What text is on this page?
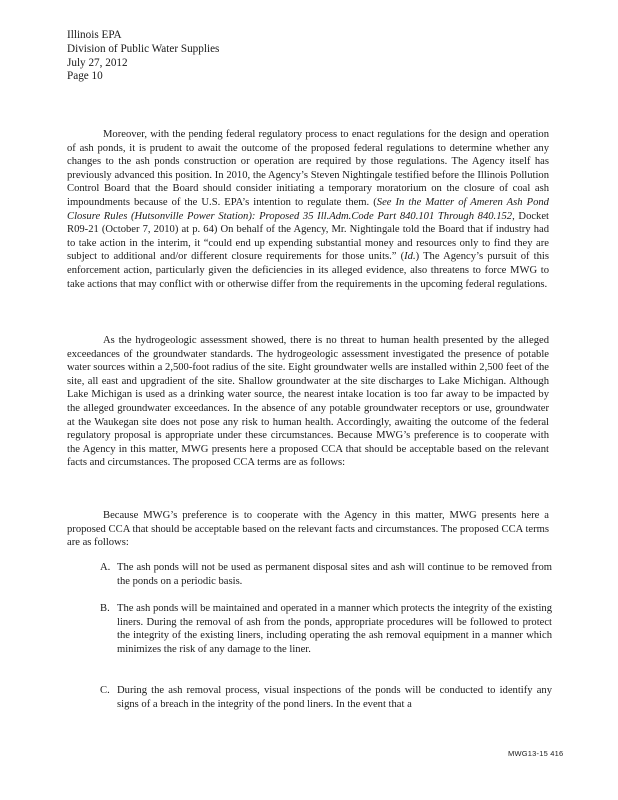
Illinois EPA
Division of Public Water Supplies
July 27, 2012
Page 10

Moreover, with the pending federal regulatory process to enact regulations for the design and operation of ash ponds, it is prudent to await the outcome of the proposed federal regulations to determine whether any changes to the ash ponds construction or operation are required by those regulations. The Agency itself has previously advanced this position. In 2010, the Agency’s Steven Nightingale testified before the Illinois Pollution Control Board that the Board should consider initiating a temporary moratorium on the closure of coal ash impoundments because of the U.S. EPA’s intention to regulate them. (See In the Matter of Ameren Ash Pond Closure Rules (Hutsonville Power Station): Proposed 35 Ill.Adm.Code Part 840.101 Through 840.152, Docket R09-21 (October 7, 2010) at p. 64) On behalf of the Agency, Mr. Nightingale told the Board that if industry had to take action in the interim, it “could end up expending substantial money and resources only to find they are subject to additional and/or different closure requirements for those units.” (Id.) The Agency’s pursuit of this enforcement action, particularly given the deficiencies in its alleged evidence, also threatens to force MWG to take actions that may conflict with or otherwise differ from the requirements in the upcoming federal regulations.

As the hydrogeologic assessment showed, there is no threat to human health presented by the alleged exceedances of the groundwater standards. The hydrogeologic assessment investigated the presence of potable water sources within a 2,500-foot radius of the site. Eight groundwater wells are installed within 2,500 feet of the site, all east and upgradient of the site. Shallow groundwater at the site discharges to Lake Michigan. Although Lake Michigan is used as a drinking water source, the nearest intake location is too far away to be impacted by the alleged groundwater exceedances. In the absence of any potable groundwater receptors or use, groundwater at the Waukegan site does not pose any risk to human health. Accordingly, awaiting the outcome of the federal regulatory proposal is appropriate under these circumstances. Because MWG’s preference is to cooperate with the Agency in this matter, MWG presents here a proposed CCA that should be acceptable based on the relevant facts and circumstances. The proposed CCA terms are as follows:

Because MWG’s preference is to cooperate with the Agency in this matter, MWG presents here a proposed CCA that should be acceptable based on the relevant facts and circumstances. The proposed CCA terms are as follows:

A. The ash ponds will not be used as permanent disposal sites and ash will continue to be removed from the ponds on a periodic basis.
B. The ash ponds will be maintained and operated in a manner which protects the integrity of the existing liners. During the removal of ash from the ponds, appropriate procedures will be followed to protect the integrity of the existing liners, including operating the ash removal equipment in a manner which minimizes the risk of any damage to the liner.
C. During the ash removal process, visual inspections of the ponds will be conducted to identify any signs of a breach in the integrity of the pond liners. In the event that a
MWG13-15 416
